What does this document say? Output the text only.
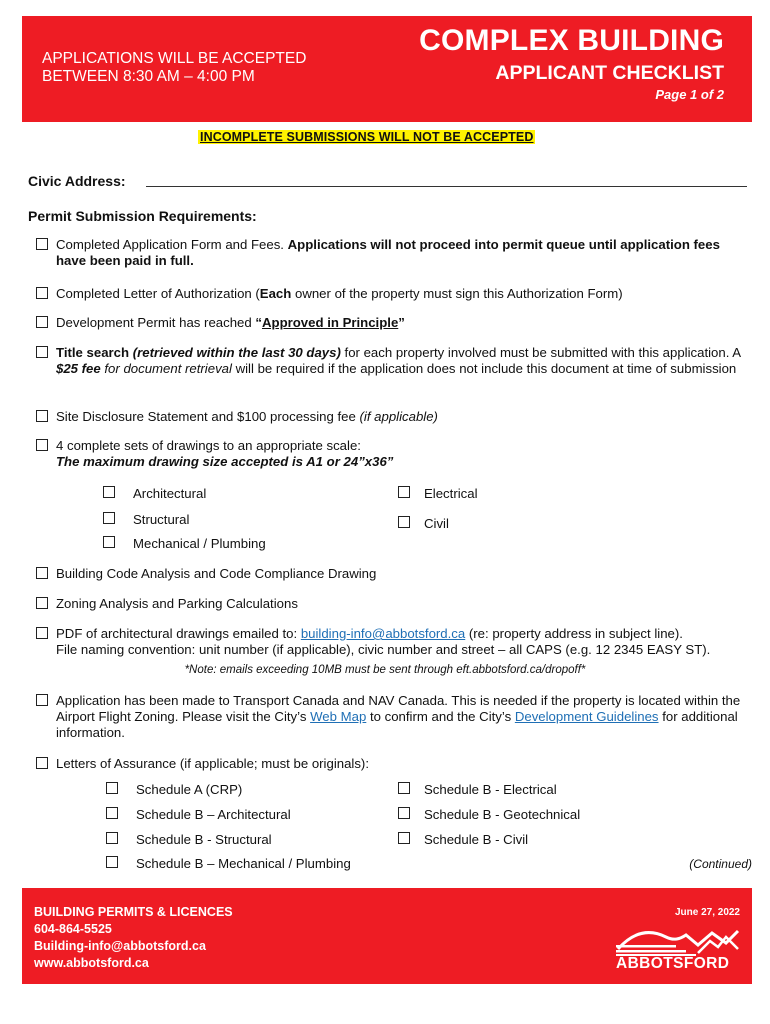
APPLICATIONS WILL BE ACCEPTED
BETWEEN 8:30 AM – 4:00 PM
COMPLEX BUILDING
APPLICANT CHECKLIST
Page 1 of 2
INCOMPLETE SUBMISSIONS WILL NOT BE ACCEPTED
Civic Address:
Permit Submission Requirements:
Completed Application Form and Fees. Applications will not proceed into permit queue until application fees have been paid in full.
Completed Letter of Authorization (Each owner of the property must sign this Authorization Form)
Development Permit has reached “Approved in Principle”
Title search (retrieved within the last 30 days) for each property involved must be submitted with this application. A $25 fee for document retrieval will be required if the application does not include this document at time of submission
Site Disclosure Statement and $100 processing fee (if applicable)
4 complete sets of drawings to an appropriate scale:
The maximum drawing size accepted is A1 or 24”x36”
Architectural
Structural
Mechanical / Plumbing
Electrical
Civil
Building Code Analysis and Code Compliance Drawing
Zoning Analysis and Parking Calculations
PDF of architectural drawings emailed to: building-info@abbotsford.ca (re: property address in subject line).
File naming convention: unit number (if applicable), civic number and street – all CAPS (e.g. 12 2345 EASY ST).
*Note: emails exceeding 10MB must be sent through eft.abbotsford.ca/dropoff*
Application has been made to Transport Canada and NAV Canada. This is needed if the property is located within the Airport Flight Zoning. Please visit the City’s Web Map to confirm and the City’s Development Guidelines for additional information.
Letters of Assurance (if applicable; must be originals):
Schedule A (CRP)
Schedule B – Architectural
Schedule B - Structural
Schedule B – Mechanical / Plumbing
Schedule B - Electrical
Schedule B - Geotechnical
Schedule B - Civil
(Continued)
BUILDING PERMITS & LICENCES
604-864-5525
Building-info@abbotsford.ca
www.abbotsford.ca
June 27, 2022
ABBOTSFORD
